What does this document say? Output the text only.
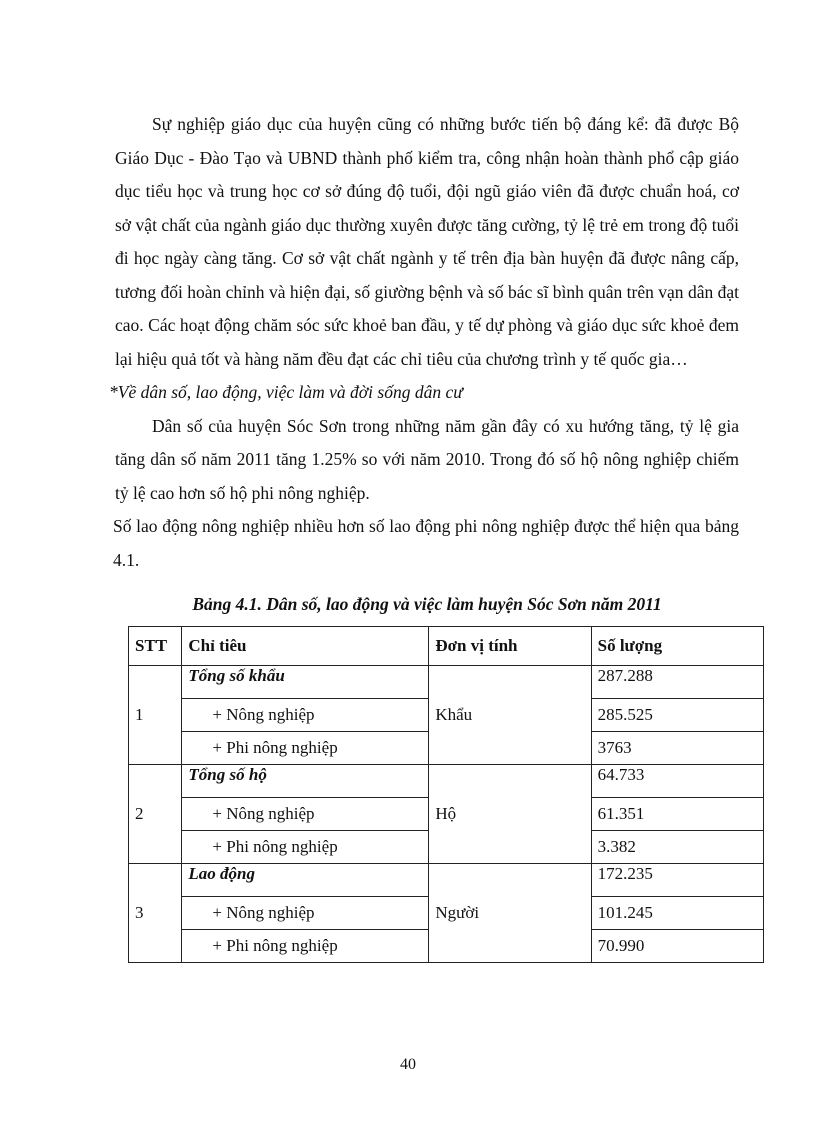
Sự nghiệp giáo dục của huyện cũng có những bước tiến bộ đáng kể: đã được Bộ Giáo Dục - Đào Tạo và UBND thành phố kiểm tra, công nhận hoàn thành phổ cập giáo dục tiểu học và trung học cơ sở đúng độ tuổi, đội ngũ giáo viên đã được chuẩn hoá, cơ sở vật chất của ngành giáo dục thường xuyên được tăng cường, tỷ lệ trẻ em trong độ tuổi đi học ngày càng tăng. Cơ sở vật chất ngành y tế trên địa bàn huyện đã được nâng cấp, tương đối hoàn chỉnh và hiện đại, số giường bệnh và số bác sĩ bình quân trên vạn dân đạt cao. Các hoạt động chăm sóc sức khoẻ ban đầu, y tế dự phòng và giáo dục sức khoẻ đem lại hiệu quả tốt và hàng năm đều đạt các chỉ tiêu của chương trình y tế quốc gia…

*Về dân số, lao động, việc làm và đời sống dân cư

Dân số của huyện Sóc Sơn trong những năm gần đây có xu hướng tăng, tỷ lệ gia tăng dân số năm 2011 tăng 1.25% so với năm 2010. Trong đó số hộ nông nghiệp chiếm tỷ lệ cao hơn số hộ phi nông nghiệp.

Số lao động nông nghiệp nhiều hơn số lao động phi nông nghiệp được thể hiện qua bảng 4.1.

Bảng 4.1. Dân số, lao động và việc làm huyện Sóc Sơn năm 2011
STT	Chỉ tiêu	Đơn vị tính	Số lượng
1	Tổng số khẩu	Khẩu	287.288
	+ Nông nghiệp		285.525
	+ Phi nông nghiệp		3763
2	Tổng số hộ	Hộ	64.733
	+ Nông nghiệp		61.351
	+ Phi nông nghiệp		3.382
3	Lao động	Người	172.235
	+ Nông nghiệp		101.245
	+ Phi nông nghiệp		70.990
40
